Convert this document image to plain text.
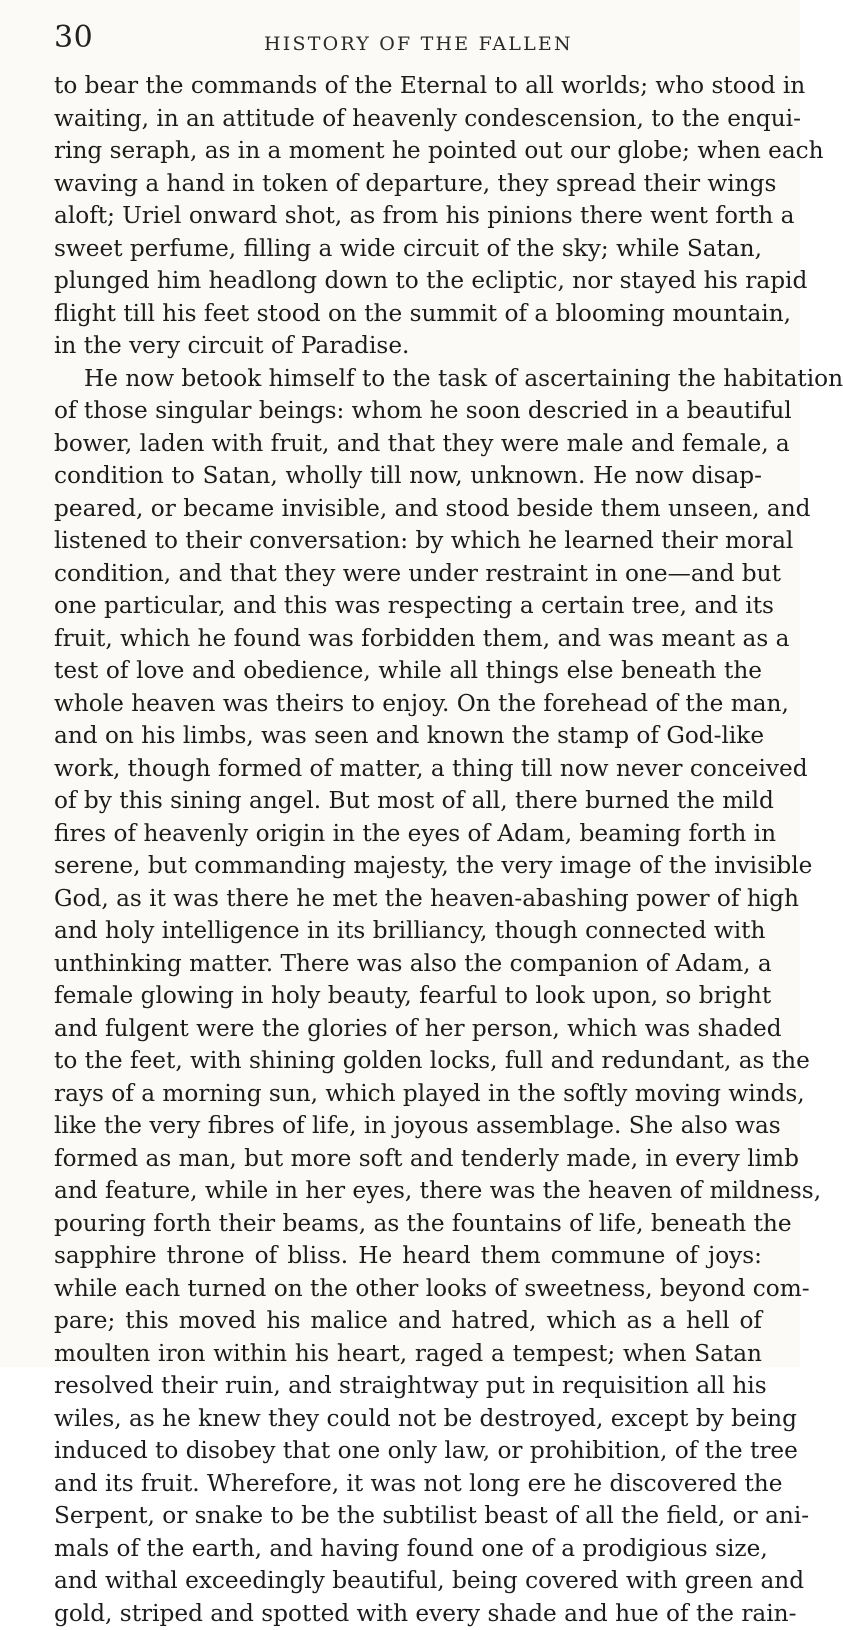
30	HISTORY OF THE FALLEN
to bear the commands of the Eternal to all worlds; who stood in
waiting, in an attitude of heavenly condescension, to the enqui-
ring seraph, as in a moment he pointed out our globe; when each
waving a hand in token of departure, they spread their wings
aloft; Uriel onward shot, as from his pinions there went forth a
sweet perfume, filling a wide circuit of the sky; while Satan,
plunged him headlong down to the ecliptic, nor stayed his rapid
flight till his feet stood on the summit of a blooming mountain,
in the very circuit of Paradise.
He now betook himself to the task of ascertaining the habitation
of those singular beings: whom he soon descried in a beautiful
bower, laden with fruit, and that they were male and female, a
condition to Satan, wholly till now, unknown. He now disap-
peared, or became invisible, and stood beside them unseen, and
listened to their conversation: by which he learned their moral
condition, and that they were under restraint in one—and but
one particular, and this was respecting a certain tree, and its
fruit, which he found was forbidden them, and was meant as a
test of love and obedience, while all things else beneath the
whole heaven was theirs to enjoy. On the forehead of the man,
and on his limbs, was seen and known the stamp of God-like
work, though formed of matter, a thing till now never conceived
of by this sining angel. But most of all, there burned the mild
fires of heavenly origin in the eyes of Adam, beaming forth in
serene, but commanding majesty, the very image of the invisible
God, as it was there he met the heaven-abashing power of high
and holy intelligence in its brilliancy, though connected with
unthinking matter. There was also the companion of Adam, a
female glowing in holy beauty, fearful to look upon, so bright
and fulgent were the glories of her person, which was shaded
to the feet, with shining golden locks, full and redundant, as the
rays of a morning sun, which played in the softly moving winds,
like the very fibres of life, in joyous assemblage. She also was
formed as man, but more soft and tenderly made, in every limb
and feature, while in her eyes, there was the heaven of mildness,
pouring forth their beams, as the fountains of life, beneath the
sapphire throne of bliss. He heard them commune of joys:
while each turned on the other looks of sweetness, beyond com-
pare; this moved his malice and hatred, which as a hell of
moulten iron within his heart, raged a tempest; when Satan
resolved their ruin, and straightway put in requisition all his
wiles, as he knew they could not be destroyed, except by being
induced to disobey that one only law, or prohibition, of the tree
and its fruit. Wherefore, it was not long ere he discovered the
Serpent, or snake to be the subtilist beast of all the field, or ani-
mals of the earth, and having found one of a prodigious size,
and withal exceedingly beautiful, being covered with green and
gold, striped and spotted with every shade and hue of the rain-
